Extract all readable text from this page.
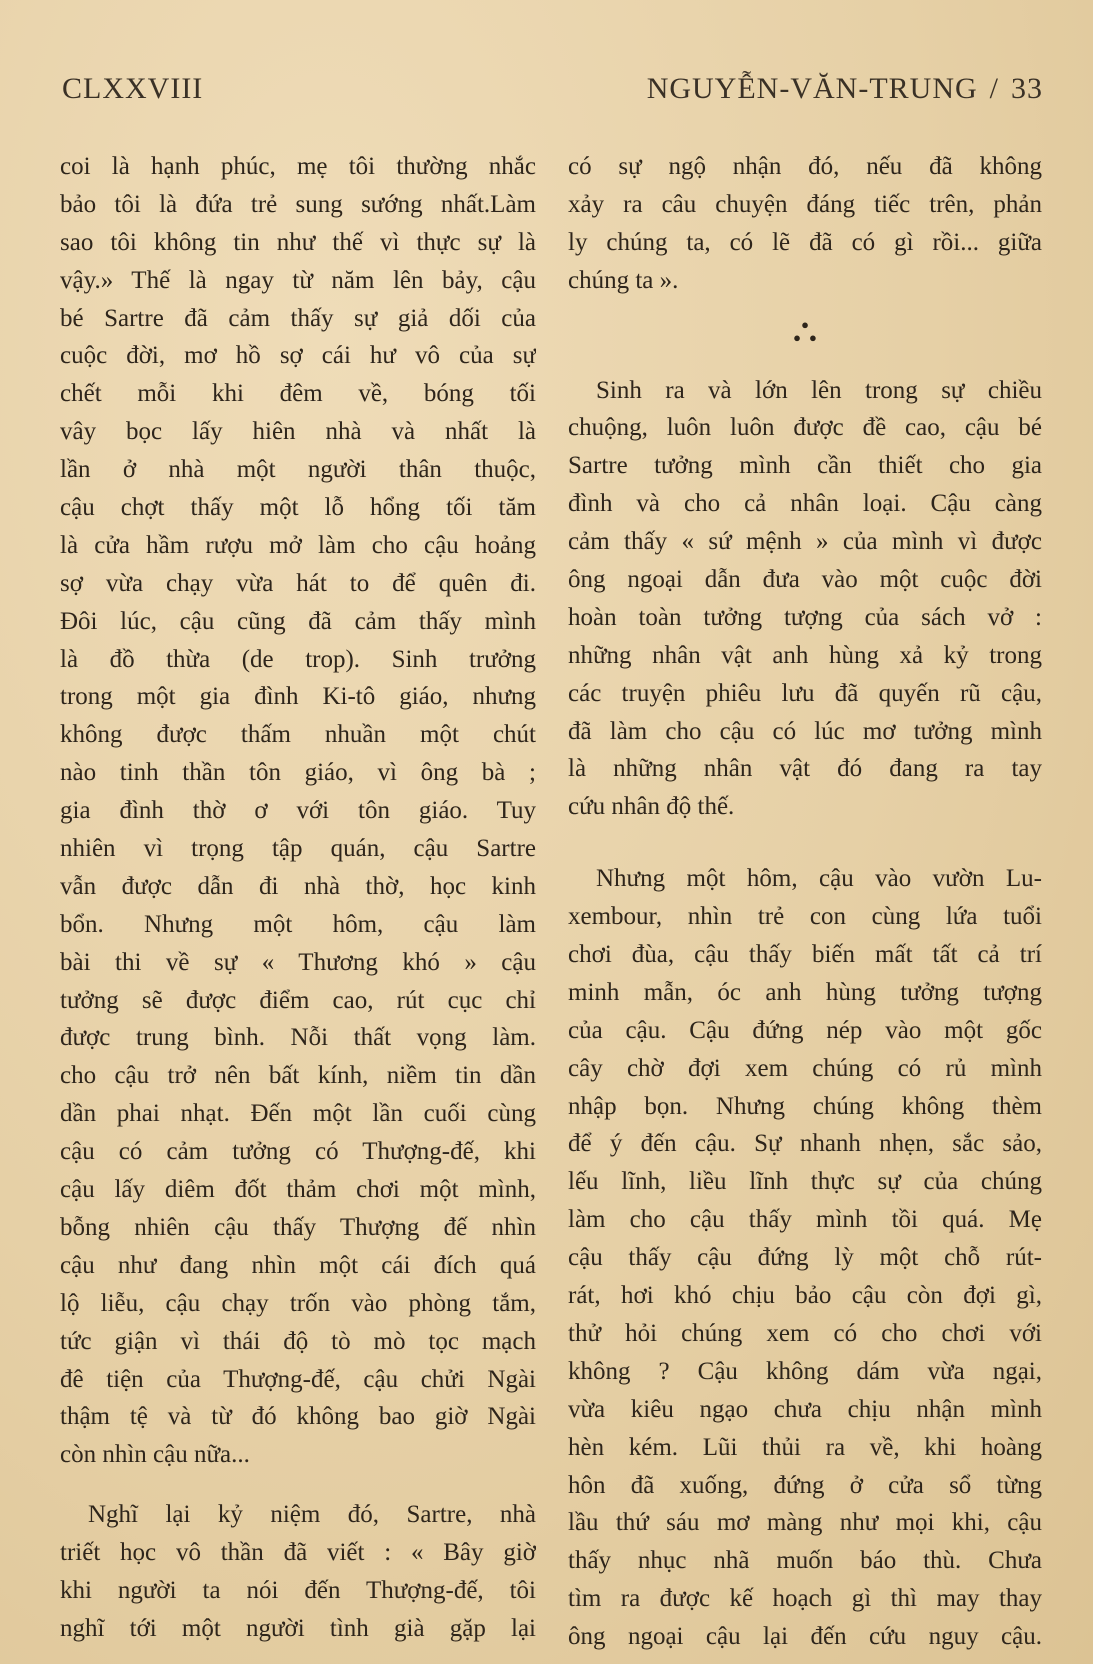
CLXXVIII	NGUYỄN-VĂN-TRUNG / 33
coi là hạnh phúc, mẹ tôi thường nhắc
bảo tôi là đứa trẻ sung sướng nhất.Làm
sao tôi không tin như thế vì thực sự là
vậy.» Thế là ngay từ năm lên bảy, cậu
bé Sartre đã cảm thấy sự giả dối của
cuộc đời, mơ hồ sợ cái hư vô của sự
chết mỗi khi đêm về, bóng tối
vây bọc lấy hiên nhà và nhất là
lần ở nhà một người thân thuộc,
cậu chợt thấy một lỗ hổng tối tăm
là cửa hầm rượu mở làm cho cậu hoảng
sợ vừa chạy vừa hát to để quên đi.
Đôi lúc, cậu cũng đã cảm thấy mình
là đồ thừa (de trop). Sinh trưởng
trong một gia đình Ki-tô giáo, nhưng
không được thấm nhuần một chút
nào tinh thần tôn giáo, vì ông bà ;
gia đình thờ ơ với tôn giáo. Tuy
nhiên vì trọng tập quán, cậu Sartre
vẫn được dẫn đi nhà thờ, học kinh
bổn. Nhưng một hôm, cậu làm
bài thi về sự « Thương khó » cậu
tưởng sẽ được điểm cao, rút cục chỉ
được trung bình. Nỗi thất vọng làm.
cho cậu trở nên bất kính, niềm tin dần
dần phai nhạt. Đến một lần cuối cùng
cậu có cảm tưởng có Thượng-đế, khi
cậu lấy diêm đốt thảm chơi một mình,
bỗng nhiên cậu thấy Thượng đế nhìn
cậu như đang nhìn một cái đích quá
lộ liễu, cậu chạy trốn vào phòng tắm,
tức giận vì thái độ tò mò tọc mạch
đê tiện của Thượng-đế, cậu chửi Ngài
thậm tệ và từ đó không bao giờ Ngài
còn nhìn cậu nữa...
Nghĩ lại kỷ niệm đó, Sartre, nhà
triết học vô thần đã viết : « Bây giờ
khi người ta nói đến Thượng-đế, tôi
nghĩ tới một người tình già gặp lại
có sự ngộ nhận đó, nếu đã không
xảy ra câu chuyện đáng tiếc trên, phản
ly chúng ta, có lẽ đã có gì rồi... giữa
chúng ta ».
●
●●
Sinh ra và lớn lên trong sự chiều
chuộng, luôn luôn được đề cao, cậu bé
Sartre tưởng mình cần thiết cho gia
đình và cho cả nhân loại. Cậu càng
cảm thấy « sứ mệnh » của mình vì được
ông ngoại dẫn đưa vào một cuộc đời
hoàn toàn tưởng tượng của sách vở :
những nhân vật anh hùng xả kỷ trong
các truyện phiêu lưu đã quyến rũ cậu,
đã làm cho cậu có lúc mơ tưởng mình
là những nhân vật đó đang ra tay
cứu nhân độ thế.
Nhưng một hôm, cậu vào vườn Lu-
xembour, nhìn trẻ con cùng lứa tuổi
chơi đùa, cậu thấy biến mất tất cả trí
minh mẫn, óc anh hùng tưởng tượng
của cậu. Cậu đứng nép vào một gốc
cây chờ đợi xem chúng có rủ mình
nhập bọn. Nhưng chúng không thèm
để ý đến cậu. Sự nhanh nhẹn, sắc sảo,
lếu lĩnh, liều lĩnh thực sự của chúng
làm cho cậu thấy mình tồi quá. Mẹ
cậu thấy cậu đứng lỳ một chỗ rút-
rát, hơi khó chịu bảo cậu còn đợi gì,
thử hỏi chúng xem có cho chơi với
không ? Cậu không dám vừa ngại,
vừa kiêu ngạo chưa chịu nhận mình
hèn kém. Lũi thủi ra về, khi hoàng
hôn đã xuống, đứng ở cửa sổ từng
lầu thứ sáu mơ màng như mọi khi, cậu
thấy nhục nhã muốn báo thù. Chưa
tìm ra được kế hoạch gì thì may thay
ông ngoại cậu lại đến cứu nguy cậu.
